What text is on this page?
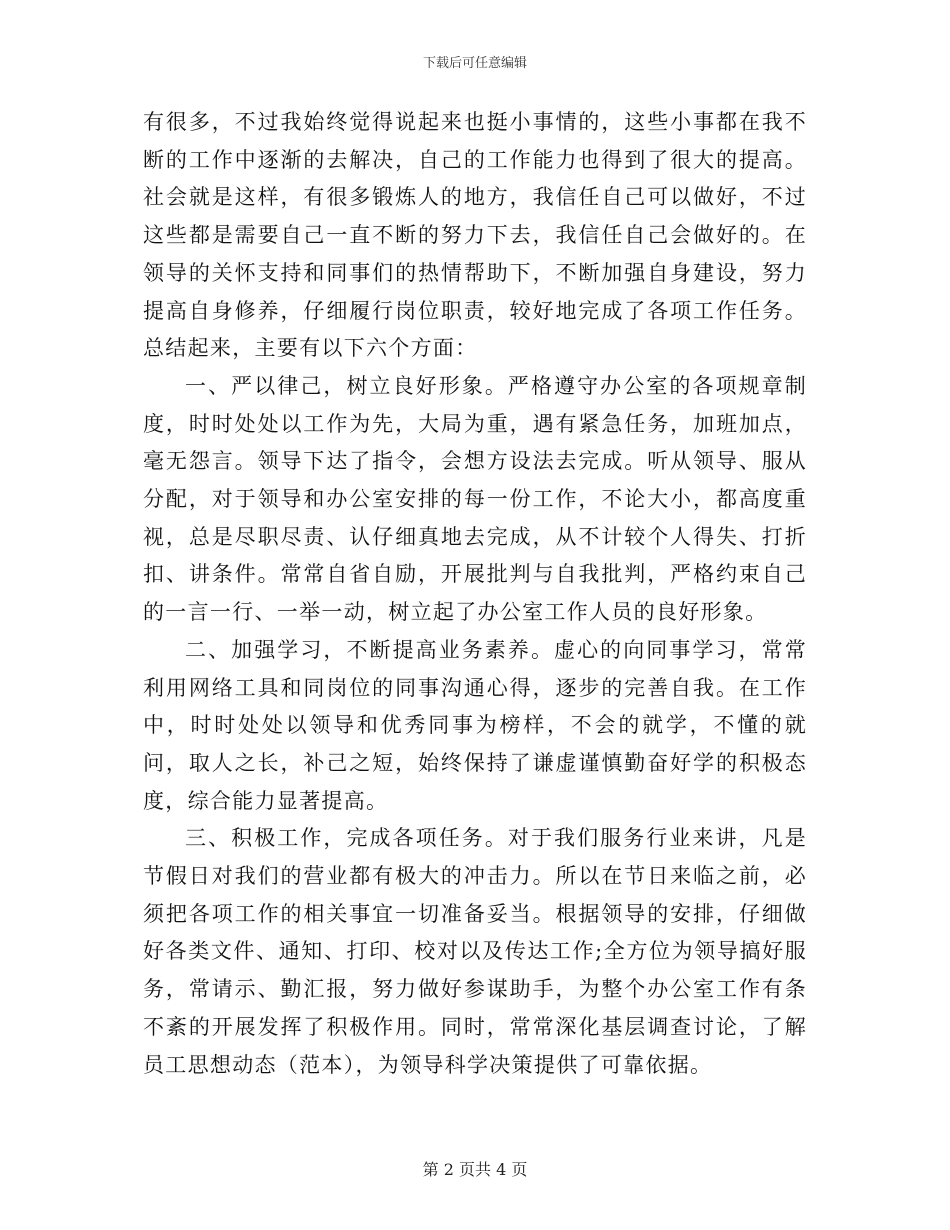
下载后可任意编辑

有很多，不过我始终觉得说起来也挺小事情的，这些小事都在我不断的工作中逐渐的去解决，自己的工作能力也得到了很大的提高。社会就是这样，有很多锻炼人的地方，我信任自己可以做好，不过这些都是需要自己一直不断的努力下去，我信任自己会做好的。在领导的关怀支持和同事们的热情帮助下，不断加强自身建设，努力提高自身修养，仔细履行岗位职责，较好地完成了各项工作任务。总结起来，主要有以下六个方面：

一、严以律己，树立良好形象。严格遵守办公室的各项规章制度，时时处处以工作为先，大局为重，遇有紧急任务，加班加点，毫无怨言。领导下达了指令，会想方设法去完成。听从领导、服从分配，对于领导和办公室安排的每一份工作，不论大小，都高度重视，总是尽职尽责、认仔细真地去完成，从不计较个人得失、打折扣、讲条件。常常自省自励，开展批判与自我批判，严格约束自己的一言一行、一举一动，树立起了办公室工作人员的良好形象。

二、加强学习，不断提高业务素养。虚心的向同事学习，常常利用网络工具和同岗位的同事沟通心得，逐步的完善自我。在工作中，时时处处以领导和优秀同事为榜样，不会的就学，不懂的就问，取人之长，补己之短，始终保持了谦虚谨慎勤奋好学的积极态度，综合能力显著提高。

三、积极工作，完成各项任务。对于我们服务行业来讲，凡是节假日对我们的营业都有极大的冲击力。所以在节日来临之前，必须把各项工作的相关事宜一切准备妥当。根据领导的安排，仔细做好各类文件、通知、打印、校对以及传达工作;全方位为领导搞好服务，常请示、勤汇报，努力做好参谋助手，为整个办公室工作有条不紊的开展发挥了积极作用。同时，常常深化基层调查讨论，了解员工思想动态（范本），为领导科学决策提供了可靠依据。

第 2 页共 4 页
